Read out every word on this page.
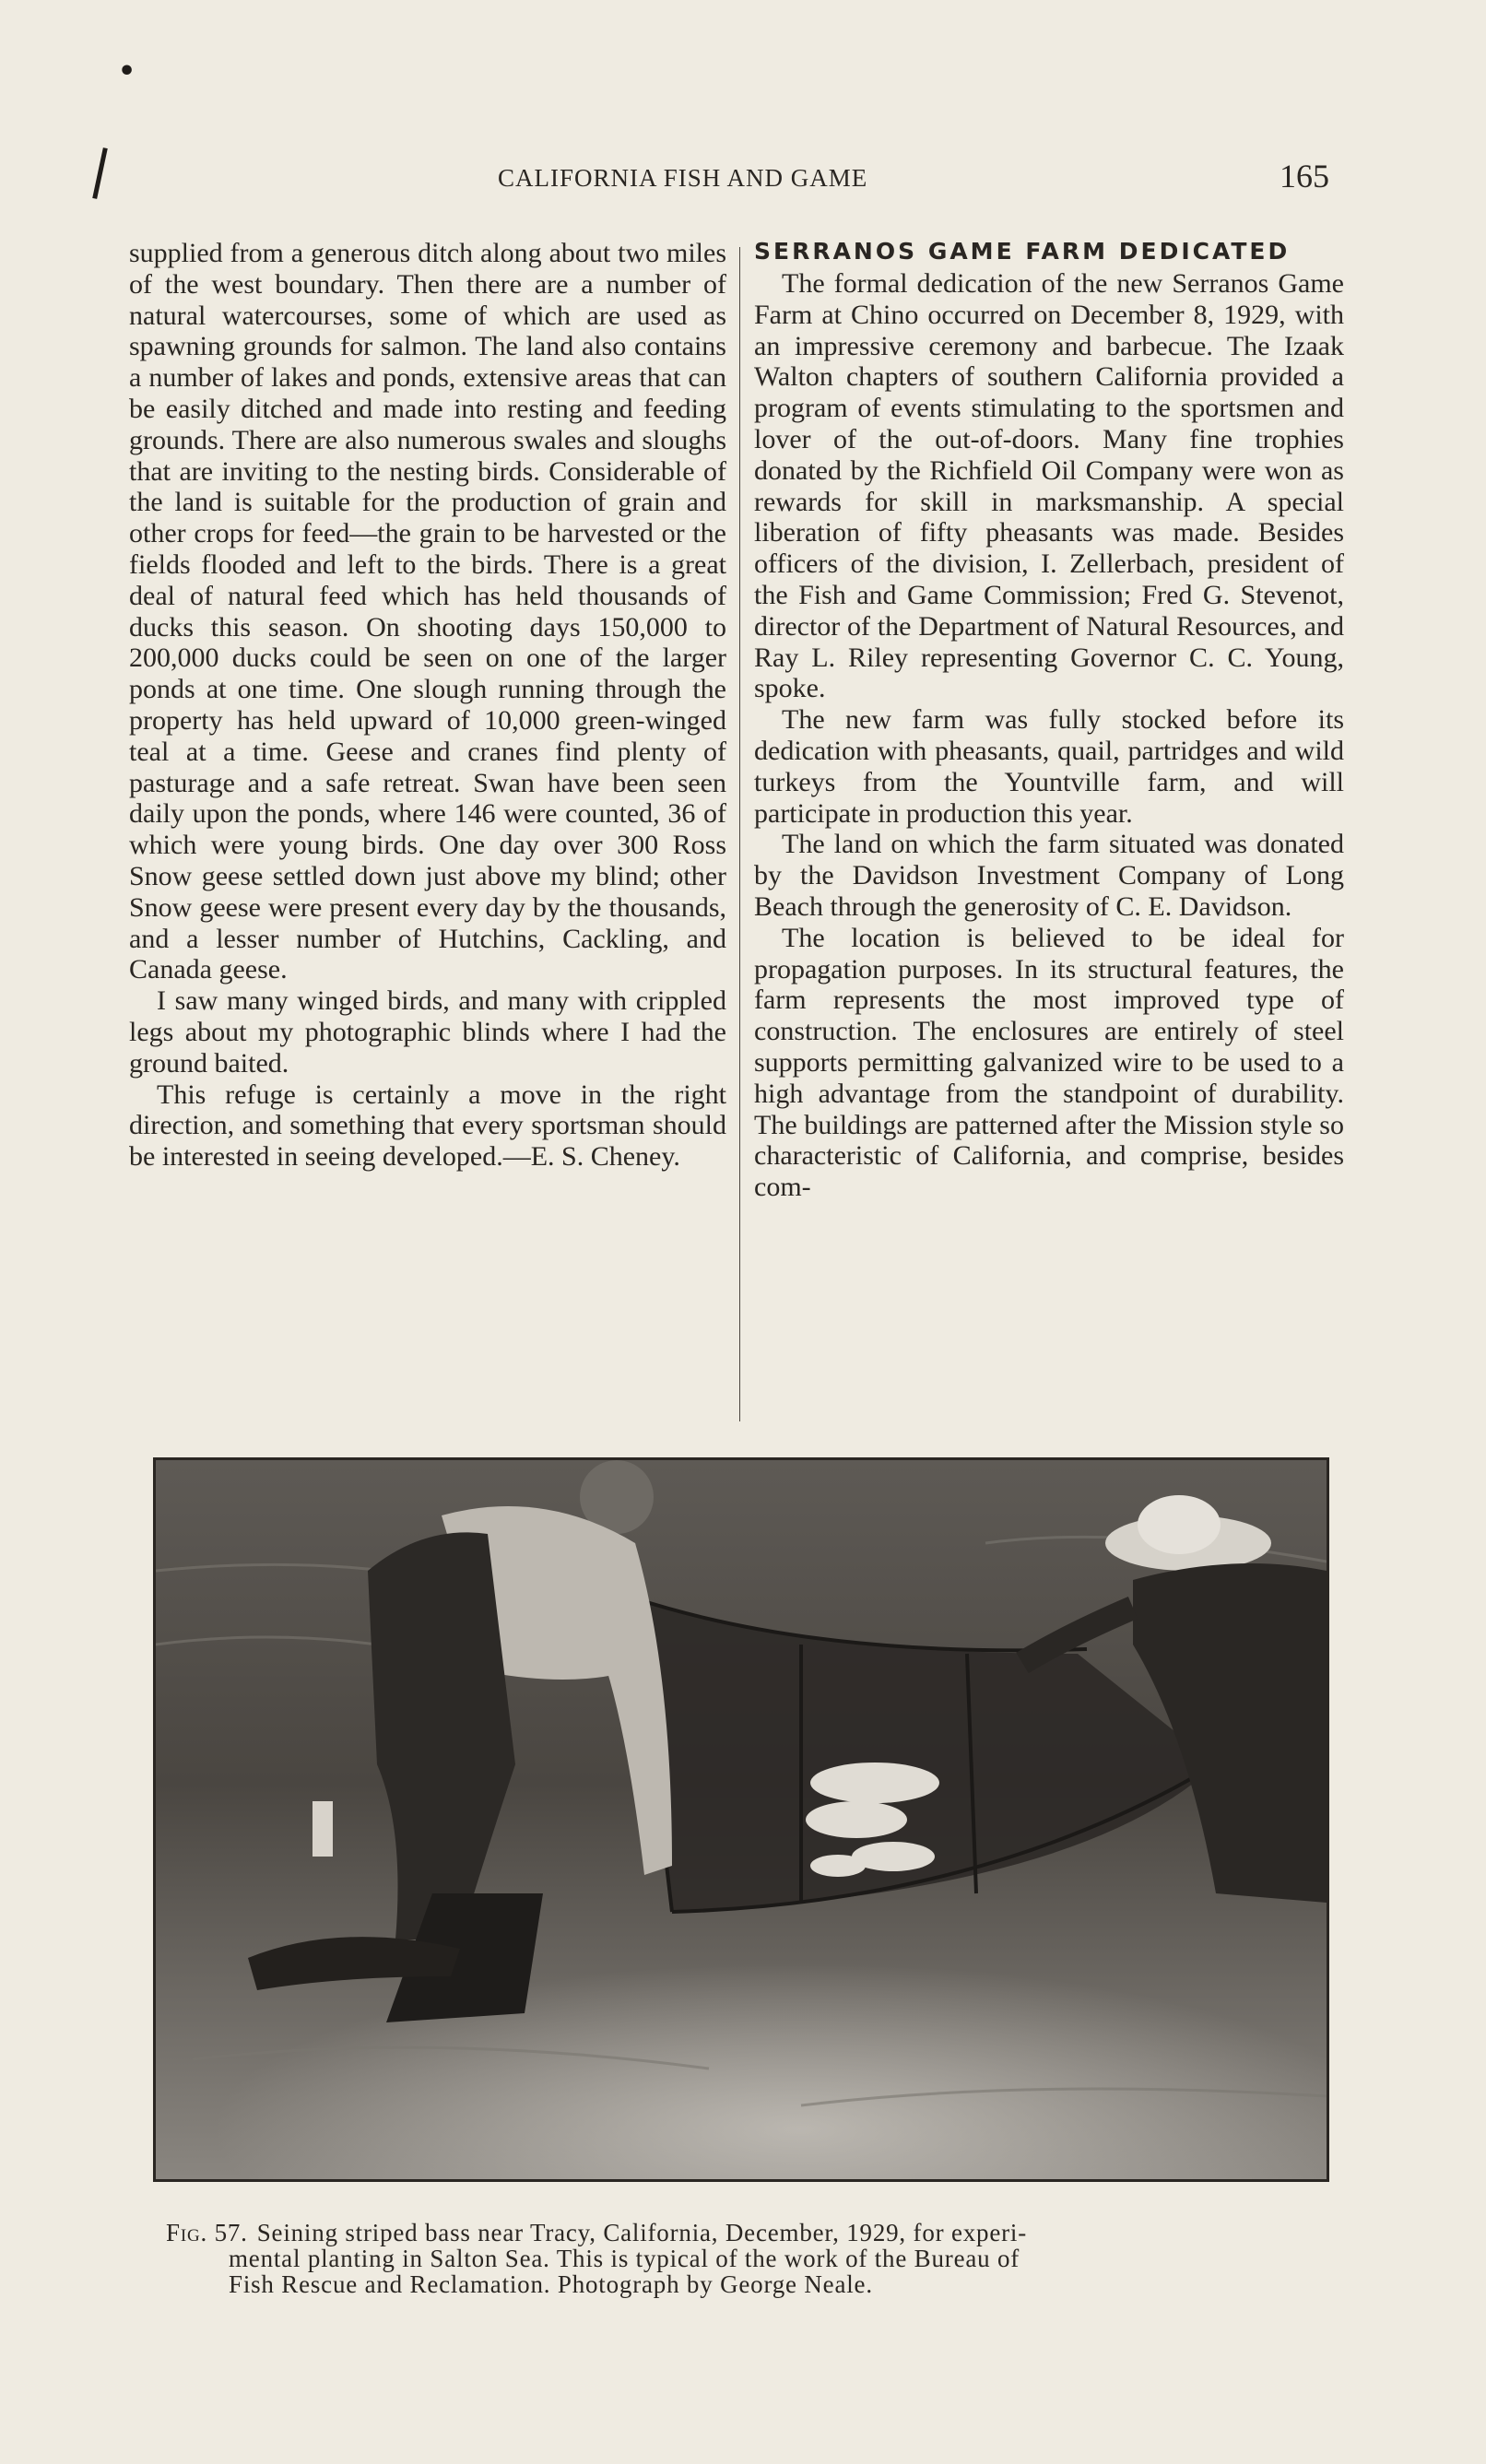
•
CALIFORNIA FISH AND GAME	165

supplied from a generous ditch along about two miles of the west boundary. Then there are a number of natural watercourses, some of which are used as spawning grounds for salmon. The land also contains a number of lakes and ponds, extensive areas that can be easily ditched and made into resting and feeding grounds. There are also numerous swales and sloughs that are inviting to the nesting birds. Considerable of the land is suitable for the production of grain and other crops for feed—the grain to be harvested or the fields flooded and left to the birds. There is a great deal of natural feed which has held thousands of ducks this season. On shooting days 150,000 to 200,000 ducks could be seen on one of the larger ponds at one time. One slough running through the property has held upward of 10,000 green-winged teal at a time. Geese and cranes find plenty of pasturage and a safe retreat. Swan have been seen daily upon the ponds, where 146 were counted, 36 of which were young birds. One day over 300 Ross Snow geese settled down just above my blind; other Snow geese were present every day by the thousands, and a lesser number of Hutchins, Cackling, and Canada geese.

I saw many winged birds, and many with crippled legs about my photographic blinds where I had the ground baited.

This refuge is certainly a move in the right direction, and something that every sportsman should be interested in seeing developed.—E. S. Cheney.

SERRANOS GAME FARM DEDICATED

The formal dedication of the new Serranos Game Farm at Chino occurred on December 8, 1929, with an impressive ceremony and barbecue. The Izaak Walton chapters of southern California provided a program of events stimulating to the sportsmen and lover of the out-of-doors. Many fine trophies donated by the Richfield Oil Company were won as rewards for skill in marksmanship. A special liberation of fifty pheasants was made. Besides officers of the division, I. Zellerbach, president of the Fish and Game Commission; Fred G. Stevenot, director of the Department of Natural Resources, and Ray L. Riley representing Governor C. C. Young, spoke.

The new farm was fully stocked before its dedication with pheasants, quail, partridges and wild turkeys from the Yountville farm, and will participate in production this year.

The land on which the farm situated was donated by the Davidson Investment Company of Long Beach through the generosity of C. E. Davidson.

The location is believed to be ideal for propagation purposes. In its structural features, the farm represents the most improved type of construction. The enclosures are entirely of steel supports permitting galvanized wire to be used to a high advantage from the standpoint of durability. The buildings are patterned after the Mission style so characteristic of California, and comprise, besides com-

Fig. 57. Seining striped bass near Tracy, California, December, 1929, for experi-
mental planting in Salton Sea. This is typical of the work of the Bureau of
Fish Rescue and Reclamation. Photograph by George Neale.
